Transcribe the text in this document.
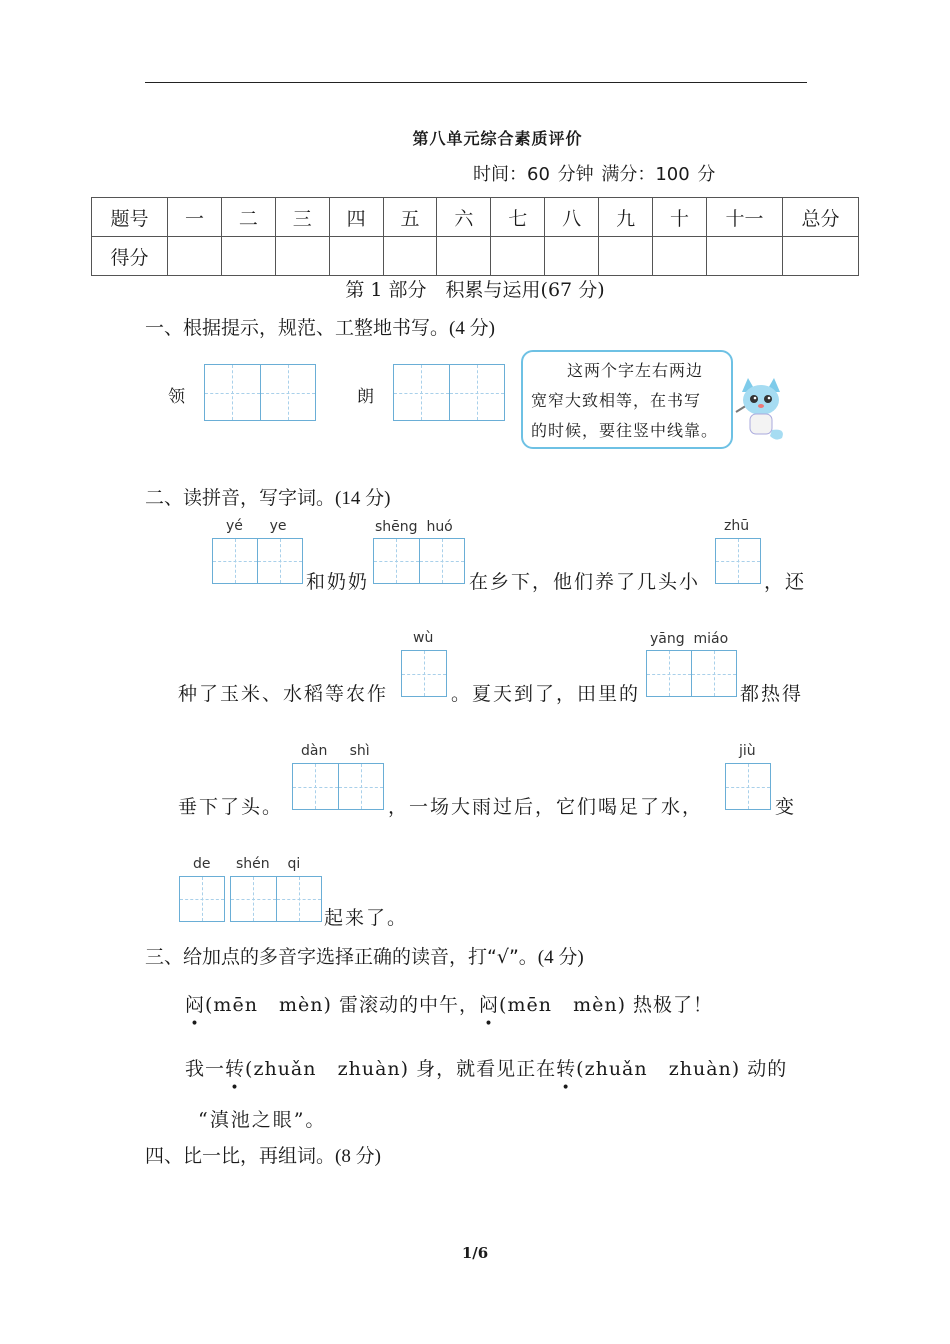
第八单元综合素质评价
时间：60 分钟 满分：100 分
题号	一	二	三	四	五	六	七	八	九	十	十一	总分
得分												
第 1 部分　积累与运用(67 分)
一、根据提示，规范、工整地书写。(4 分)
领	朗
这两个字左右两边
宽窄大致相等，在书写
的时候，要往竖中线靠。
二、读拼音，写字词。(14 分)
yé      ye
和奶奶
shēng  huó
在乡下，他们养了几头小
zhū
，还
种了玉米、水稻等农作
wù
。夏天到了，田里的
yāng  miáo
都热得
垂下了头。
dàn     shì
，一场大雨过后，它们喝足了水，
jiù
变
de shén    qi
起来了。
三、给加点的多音字选择正确的读音，打“√”。(4 分)
闷(mēn   mèn) 雷滚动的中午，闷(mēn   mèn) 热极了！
我一转(zhuǎn   zhuàn) 身，就看见正在转(zhuǎn   zhuàn) 动的
“滇池之眼”。
四、比一比，再组词。(8 分)
1/6
